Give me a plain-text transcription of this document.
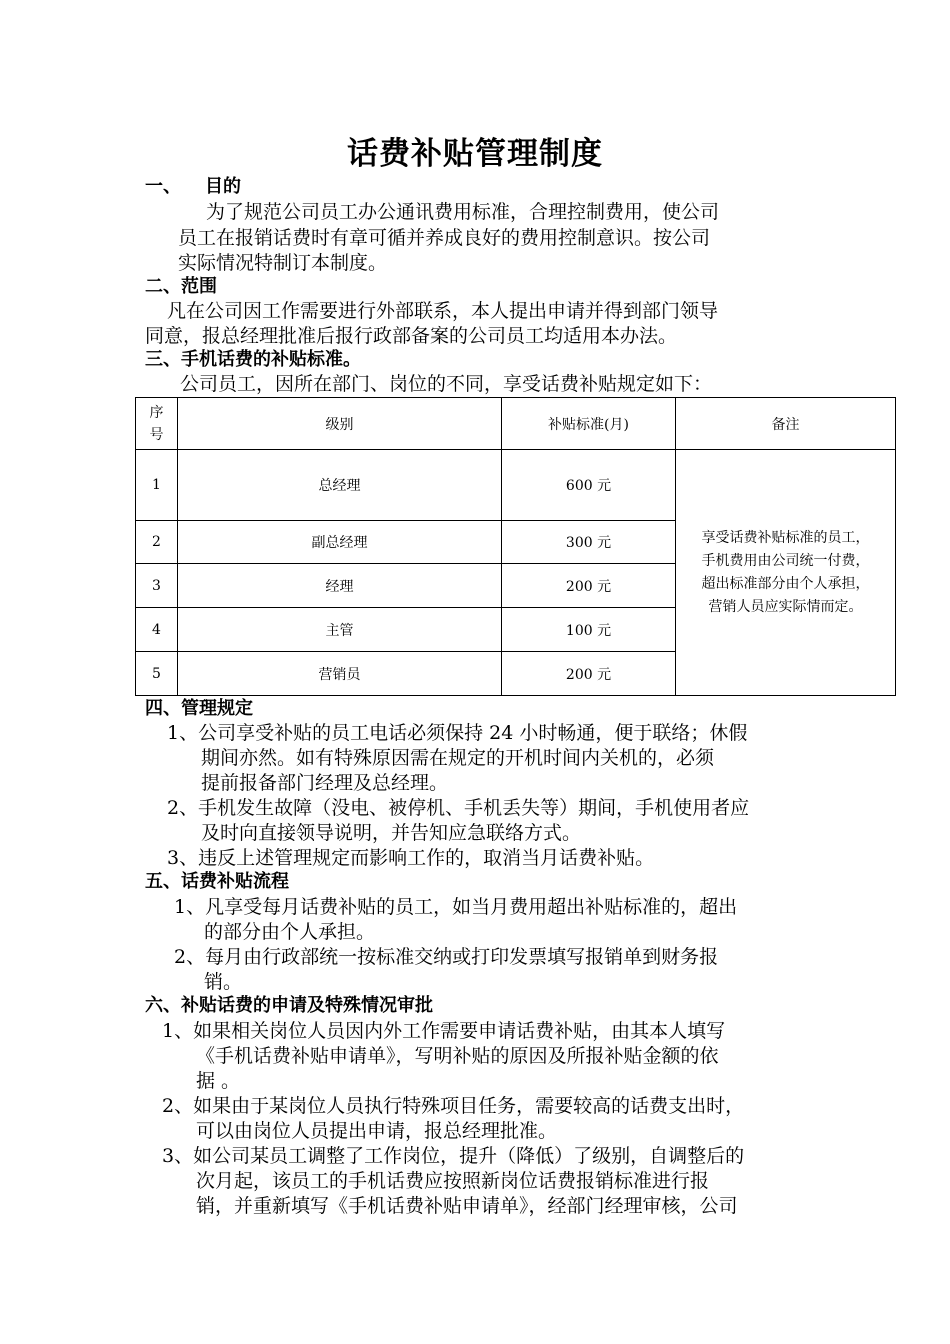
话费补贴管理制度
一、 目的
为了规范公司员工办公通讯费用标准，合理控制费用，使公司
员工在报销话费时有章可循并养成良好的费用控制意识。按公司
实际情况特制订本制度。
二、范围
凡在公司因工作需要进行外部联系，本人提出申请并得到部门领导
同意，报总经理批准后报行政部备案的公司员工均适用本办法。
三、手机话费的补贴标准。
公司员工，因所在部门、岗位的不同，享受话费补贴规定如下：
序
号	级别	补贴标准(月)	备注
1	总经理	600 元	享受话费补贴标准的员工，
手机费用由公司统一付费，
超出标准部分由个人承担，
营销人员应实际情而定。

2	副总经理	300 元	
3	经理	200 元	
4	主管	100 元	
5	营销员	200 元	
四、管理规定
1、公司享受补贴的员工电话必须保持 24 小时畅通，便于联络；休假
期间亦然。如有特殊原因需在规定的开机时间内关机的，必须
提前报备部门经理及总经理。
2、手机发生故障（没电、被停机、手机丢失等）期间，手机使用者应
及时向直接领导说明，并告知应急联络方式。
3、违反上述管理规定而影响工作的，取消当月话费补贴。
五、话费补贴流程
1、凡享受每月话费补贴的员工，如当月费用超出补贴标准的，超出
的部分由个人承担。
2、每月由行政部统一按标准交纳或打印发票填写报销单到财务报
销。
六、补贴话费的申请及特殊情况审批
1、如果相关岗位人员因内外工作需要申请话费补贴，由其本人填写
《手机话费补贴申请单》，写明补贴的原因及所报补贴金额的依
据 。
2、如果由于某岗位人员执行特殊项目任务，需要较高的话费支出时，
可以由岗位人员提出申请，报总经理批准。
3、如公司某员工调整了工作岗位，提升（降低）了级别，自调整后的
次月起，该员工的手机话费应按照新岗位话费报销标准进行报
销，并重新填写《手机话费补贴申请单》，经部门经理审核，公司
